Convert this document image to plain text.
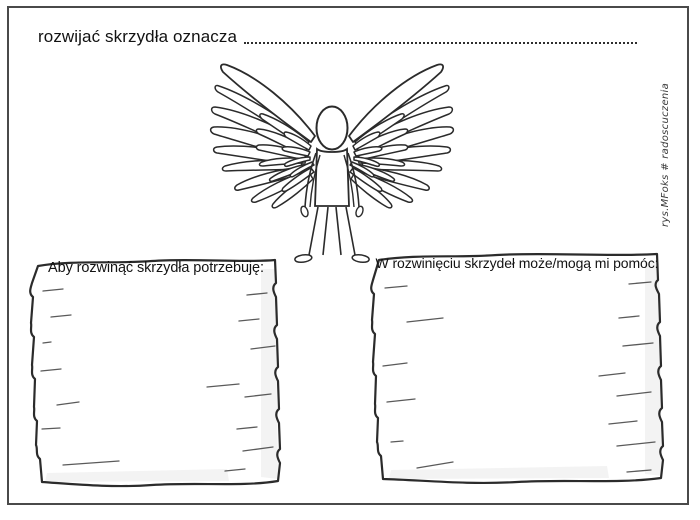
rozwijać skrzydła oznacza
Aby rozwinąć skrzydła potrzebuję:	W rozwinięciu skrzydeł może/mogą mi pomóc:
rys.MFoks # radoscuczenia
